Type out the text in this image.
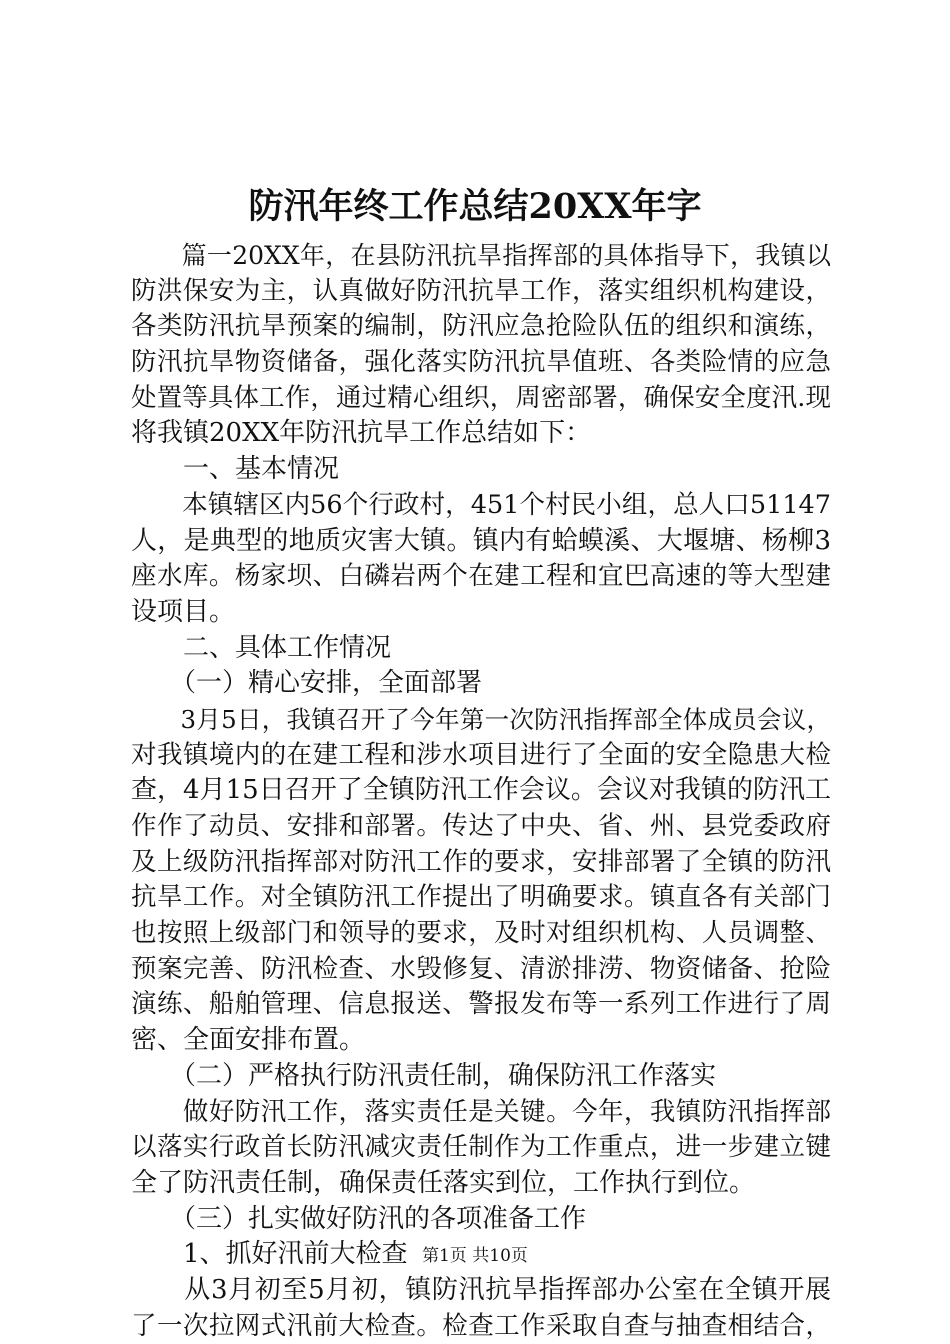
防汛年终工作总结20XX年字
　　篇一20XX年，在县防汛抗旱指挥部的具体指导下，我镇以
防洪保安为主，认真做好防汛抗旱工作，落实组织机构建设，
各类防汛抗旱预案的编制，防汛应急抢险队伍的组织和演练，
防汛抗旱物资储备，强化落实防汛抗旱值班、各类险情的应急
处置等具体工作，通过精心组织，周密部署，确保安全度汛.现
将我镇20XX年防汛抗旱工作总结如下：
　　一、基本情况
　　本镇辖区内56个行政村，451个村民小组，总人口51147
人，是典型的地质灾害大镇。镇内有蛤蟆溪、大堰塘、杨柳3
座水库。杨家坝、白磷岩两个在建工程和宜巴高速的等大型建
设项目。
　　二、具体工作情况
　　（一）精心安排，全面部署
　　3月5日，我镇召开了今年第一次防汛指挥部全体成员会议，
对我镇境内的在建工程和涉水项目进行了全面的安全隐患大检
查，4月15日召开了全镇防汛工作会议。会议对我镇的防汛工
作作了动员、安排和部署。传达了中央、省、州、县党委政府
及上级防汛指挥部对防汛工作的要求，安排部署了全镇的防汛
抗旱工作。对全镇防汛工作提出了明确要求。镇直各有关部门
也按照上级部门和领导的要求，及时对组织机构、人员调整、
预案完善、防汛检查、水毁修复、清淤排涝、物资储备、抢险
演练、船舶管理、信息报送、警报发布等一系列工作进行了周
密、全面安排布置。
　　（二）严格执行防汛责任制，确保防汛工作落实
　　做好防汛工作，落实责任是关键。今年，我镇防汛指挥部
以落实行政首长防汛减灾责任制作为工作重点，进一步建立键
全了防汛责任制，确保责任落实到位，工作执行到位。
　　（三）扎实做好防汛的各项准备工作
　　1、抓好汛前大检查
　　从3月初至5月初，镇防汛抗旱指挥部办公室在全镇开展
了一次拉网式汛前大检查。检查工作采取自查与抽查相结合，
第1页 共10页
